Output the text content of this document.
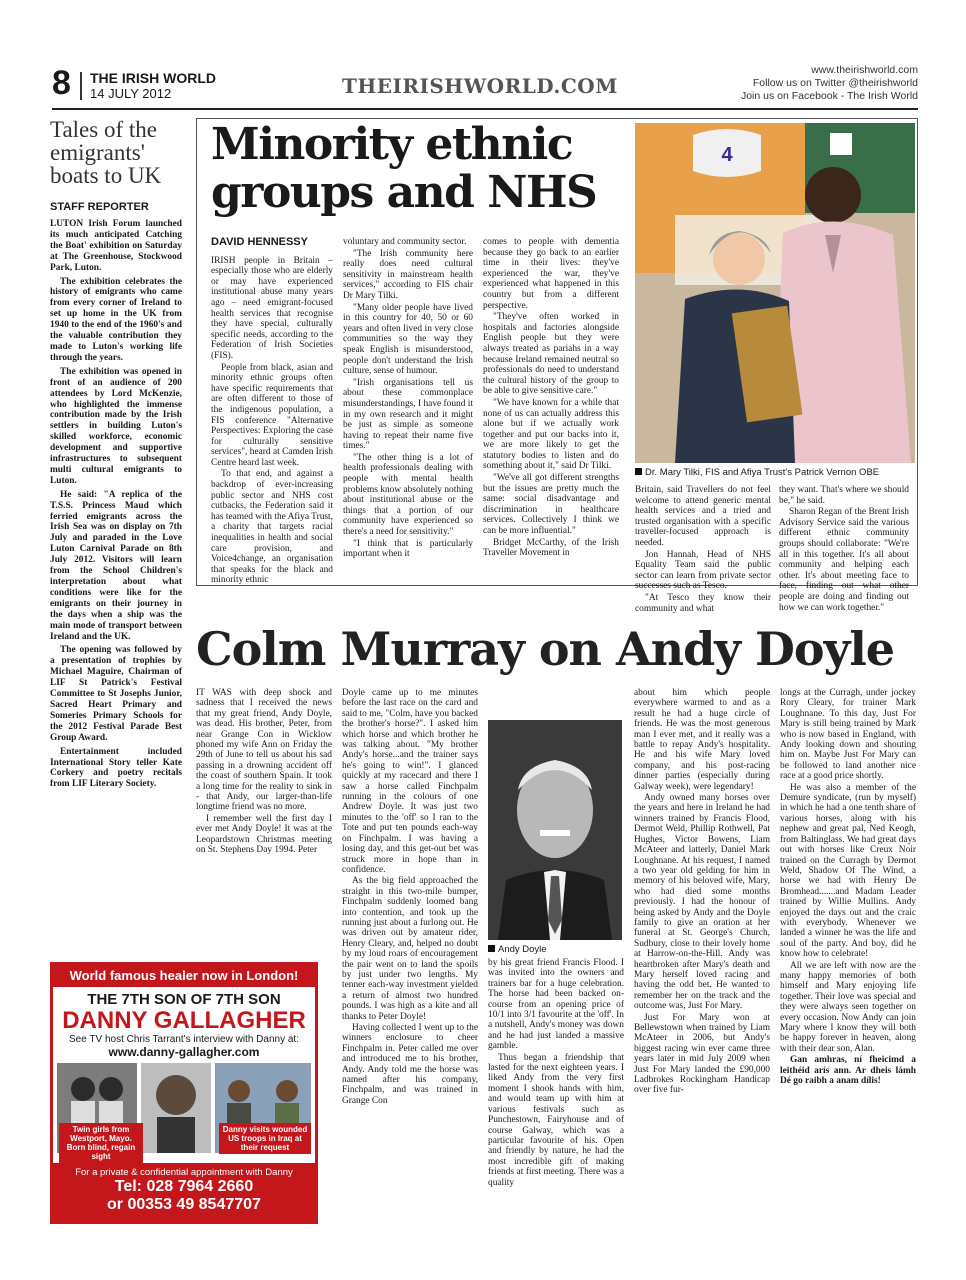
8 THE IRISH WORLD
14 JULY 2012	THEIRISHWORLD.COM
www.theirishworld.com
Follow us on Twitter @theirishworld
Join us on Facebook - The Irish World
Tales of the emigrants' boats to UK
STAFF REPORTER

LUTON Irish Forum launched its much anticipated Catching the Boat' exhibition on Saturday at The Greenhouse, Stockwood Park, Luton.

The exhibition celebrates the history of emigrants who came from every corner of Ireland to set up home in the UK from 1940 to the end of the 1960's and the valuable contribution they made to Luton's working life through the years.

The exhibition was opened in front of an audience of 200 attendees by Lord McKenzie, who highlighted the immense contribution made by the Irish settlers in building Luton's skilled workforce, economic development and supportive infrastructures to subsequent multi cultural emigrants to Luton.

He said: "A replica of the T.S.S. Princess Maud which ferried emigrants across the Irish Sea was on display on 7th July and paraded in the Love Luton Carnival Parade on 8th July 2012. Visitors will learn from the School Children's interpretation about what conditions were like for the emigrants on their journey in the days when a ship was the main mode of transport between Ireland and the UK.

The opening was followed by a presentation of trophies by Michael Maguire, Chairman of LIF St Patrick's Festival Committee to St Josephs Junior, Sacred Heart Primary and Someries Primary Schools for the 2012 Festival Parade Best Group Award.

Entertainment included International Story teller Kate Corkery and poetry recitals from LIF Literary Society.

Minority ethnic groups and NHS

DAVID HENNESSY

IRISH people in Britain – especially those who are elderly or may have experienced institutional abuse many years ago – need emigrant-focused health services that recognise they have special, culturally specific needs, according to the Federation of Irish Societies (FIS).

People from black, asian and minority ethnic groups often have specific requirements that are often different to those of the indigenous population, a FIS conference "Alternative Perspectives: Exploring the case for culturally sensitive services", heard at Camden Irish Centre heard last week.

To that end, and against a backdrop of ever-increasing public sector and NHS cost cutbacks, the Federation said it has teamed with the Afiya Trust, a charity that targets racial inequalities in health and social care provision, and Voice4change, an organisation that speaks for the black and minority ethnic

voluntary and community sector.

"The Irish community here really does need cultural sensitivity in mainstream health services," according to FIS chair Dr Mary Tilki.

"Many older people have lived in this country for 40, 50 or 60 years and often lived in very close communities so the way they speak English is misunderstood, people don't understand the Irish culture, sense of humour.

"Irish organisations tell us about these commonplace misunderstandings, I have found it in my own research and it might be just as simple as someone having to repeat their name five times."

"The other thing is a lot of health professionals dealing with people with mental health problems know absolutely nothing about institutional abuse or the things that a portion of our community have experienced so there's a need for sensitivity."

"I think that is particularly important when it

comes to people with dementia because they go back to an earlier time in their lives: they've experienced the war, they've experienced what happened in this country but from a different perspective.

"They've often worked in hospitals and factories alongside English people but they were always treated as pariahs in a way because Ireland remained neutral so professionals do need to understand the cultural history of the group to be able to give sensitive care."

"We have known for a while that none of us can actually address this alone but if we actually work together and put our backs into it, we are more likely to get the statutory bodies to listen and do something about it," said Dr Tilki.

"We've all got different strengths but the issues are pretty much the same: social disadvantage and discrimination in healthcare services. Collectively I think we can be more influential."

Bridget McCarthy, of the Irish Traveller Movement in

4
Dr. Mary Tilki, FIS and Afiya Trust's Patrick Vernon OBE

Britain, said Travellers do not feel welcome to attend generic mental health services and a tried and trusted organisation with a specific traveller-focused approach is needed.

Jon Hannah, Head of NHS Equality Team said the public sector can learn from private sector successes such as Tesco.

"At Tesco they know their community and what

they want. That's where we should be," he said.

Sharon Regan of the Brent Irish Advisory Service said the various different ethnic community groups should collaborate: "We're all in this together. It's all about community and helping each other. It's about meeting face to face, finding out what other people are doing and finding out how we can work together."

World famous healer now in London!
THE 7TH SON OF 7TH SON
DANNY GALLAGHER
See TV host Chris Tarrant's interview with Danny at:
www.danny-gallagher.com
Twin girls from Westport, Mayo. Born blind, regain sight
Danny visits wounded US troops in Iraq at their request
For a private & confidential appointment with Danny
Tel: 028 7964 2660
or 00353 49 8547707
Colm Murray on Andy Doyle

IT WAS with deep shock and sadness that I received the news that my great friend, Andy Doyle, was dead. His brother, Peter, from near Grange Con in Wicklow phoned my wife Ann on Friday the 29th of June to tell us about his sad passing in a drowning accident off the coast of southern Spain. It took a long time for the reality to sink in - that Andy, our larger-than-life longtime friend was no more.

I remember well the first day I ever met Andy Doyle! It was at the Leopardstown Christmas meeting on St. Stephens Day 1994. Peter

Doyle came up to me minutes before the last race on the card and said to me, "Colm, have you backed the brother's horse?". I asked him which horse and which brother he was talking about. "My brother Andy's horse...and the trainer says he's going to win!". I glanced quickly at my racecard and there I saw a horse called Finchpalm running in the colours of one Andrew Doyle. It was just two minutes to the 'off' so I ran to the Tote and put ten pounds each-way on Finchpalm. I was having a losing day, and this get-out bet was struck more in hope than in confidence.

As the big field approached the straight in this two-mile bumper, Finchpalm suddenly loomed bang into contention, and took up the running just about a furlong out. He was driven out by amateur rider, Henry Cleary, and, helped no doubt by my loud roars of encouragement the pair went on to land the spoils by just under two lengths. My tenner each-way investment yielded a return of almost two hundred pounds. I was high as a kite and all thanks to Peter Doyle!

Having collected I went up to the winners enclosure to cheer Finchpalm in. Peter called me over and introduced me to his brother, Andy. Andy told me the horse was named after his company, Finchpalm, and was trained in Grange Con

Andy Doyle

by his great friend Francis Flood. I was invited into the owners and trainers bar for a huge celebration. The horse had been backed on-course from an opening price of 10/1 into 3/1 favourite at the 'off'. In a nutshell, Andy's money was down and he had just landed a massive gamble.

Thus began a friendship that lasted for the next eighteen years. I liked Andy from the very first moment I shook hands with him, and would team up with him at various festivals such as Punchestown, Fairyhouse and of course Galway, which was a particular favourite of his. Open and friendly by nature, he had the most incredible gift of making friends at first meeting. There was a quality

about him which people everywhere warmed to and as a result he had a huge circle of friends. He was the most generous man I ever met, and it really was a battle to repay Andy's hospitality. He and his wife Mary loved company, and his post-racing dinner parties (especially during Galway week), were legendary!

Andy owned many horses over the years and here in Ireland he had winners trained by Francis Flood, Dermot Weld, Phillip Rothwell, Pat Hughes, Victor Bowens, Liam McAteer and latterly, Daniel Mark Loughnane. At his request, I named a two year old gelding for him in memory of his beloved wife, Mary, who had died some months previously. I had the honour of being asked by Andy and the Doyle family to give an oration at her funeral at St. George's Church, Sudbury, close to their lovely home at Harrow-on-the-Hill. Andy was heartbroken after Mary's death and Mary herself loved racing and having the odd bet. He wanted to remember her on the track and the outcome was, Just For Mary.

Just For Mary won at Bellewstown when trained by Liam McAteer in 2006, but Andy's biggest racing win ever came three years later in mid July 2009 when Just For Mary landed the £90,000 Ladbrokes Rockingham Handicap over five fur-

longs at the Curragh, under jockey Rory Cleary, for trainer Mark Loughnane. To this day, Just For Mary is still being trained by Mark who is now based in England, with Andy looking down and shouting him on. Maybe Just For Mary can be followed to land another nice race at a good price shortly.

He was also a member of the Demure syndicate, (run by myself) in which he had a one tenth share of various horses, along with his nephew and great pal, Ned Keogh, from Baltinglass. We had great days out with horses like Creux Noir trained on the Curragh by Dermot Weld, Shadow Of The Wind, a horse we had with Henry De Bromhead.......and Madam Leader trained by Willie Mullins. Andy enjoyed the days out and the craic with everybody. Whenever we landed a winner he was the life and soul of the party. And boy, did he know how to celebrate!

All we are left with now are the many happy memories of both himself and Mary enjoying life together. Their love was special and they were always seen together on every occasion. Now Andy can join Mary where I know they will both be happy forever in heaven, along with their dear son, Alan.

Gan amhras, ní fheicimd a leithéid arís ann. Ar dheis lámh Dé go raibh a anam dílis!
